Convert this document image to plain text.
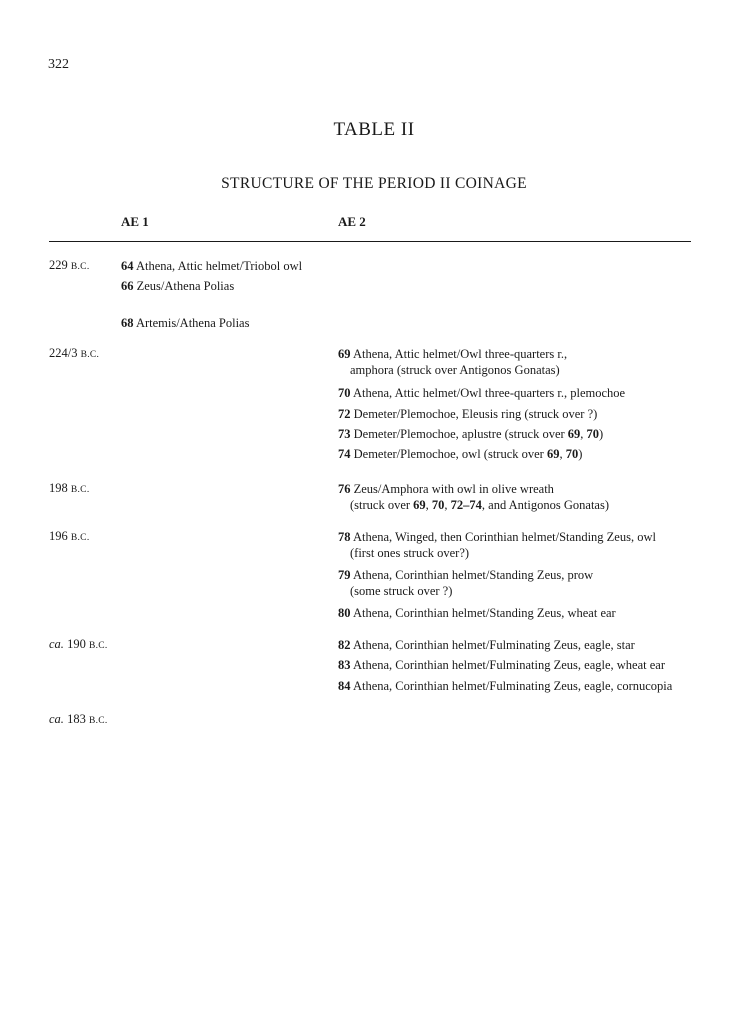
322
TABLE II
STRUCTURE OF THE PERIOD II COINAGE
AE 1	AE 2
229 B.C.
224/3 B.C.
198 B.C.
196 B.C.
ca. 190 B.C.
ca. 183 B.C.
64 Athena, Attic helmet/Triobol owl
66 Zeus/Athena Polias
68 Artemis/Athena Polias
69 Athena, Attic helmet/Owl three-quarters r.,
amphora (struck over Antigonos Gonatas)
70 Athena, Attic helmet/Owl three-quarters r., plemochoe
72 Demeter/Plemochoe, Eleusis ring (struck over ?)
73 Demeter/Plemochoe, aplustre (struck over 69, 70)
74 Demeter/Plemochoe, owl (struck over 69, 70)
76 Zeus/Amphora with owl in olive wreath
(struck over 69, 70, 72–74, and Antigonos Gonatas)
78 Athena, Winged, then Corinthian helmet/Standing Zeus, owl
(first ones struck over?)
79 Athena, Corinthian helmet/Standing Zeus, prow
(some struck over ?)
80 Athena, Corinthian helmet/Standing Zeus, wheat ear
82 Athena, Corinthian helmet/Fulminating Zeus, eagle, star
83 Athena, Corinthian helmet/Fulminating Zeus, eagle, wheat ear
84 Athena, Corinthian helmet/Fulminating Zeus, eagle, cornucopia
